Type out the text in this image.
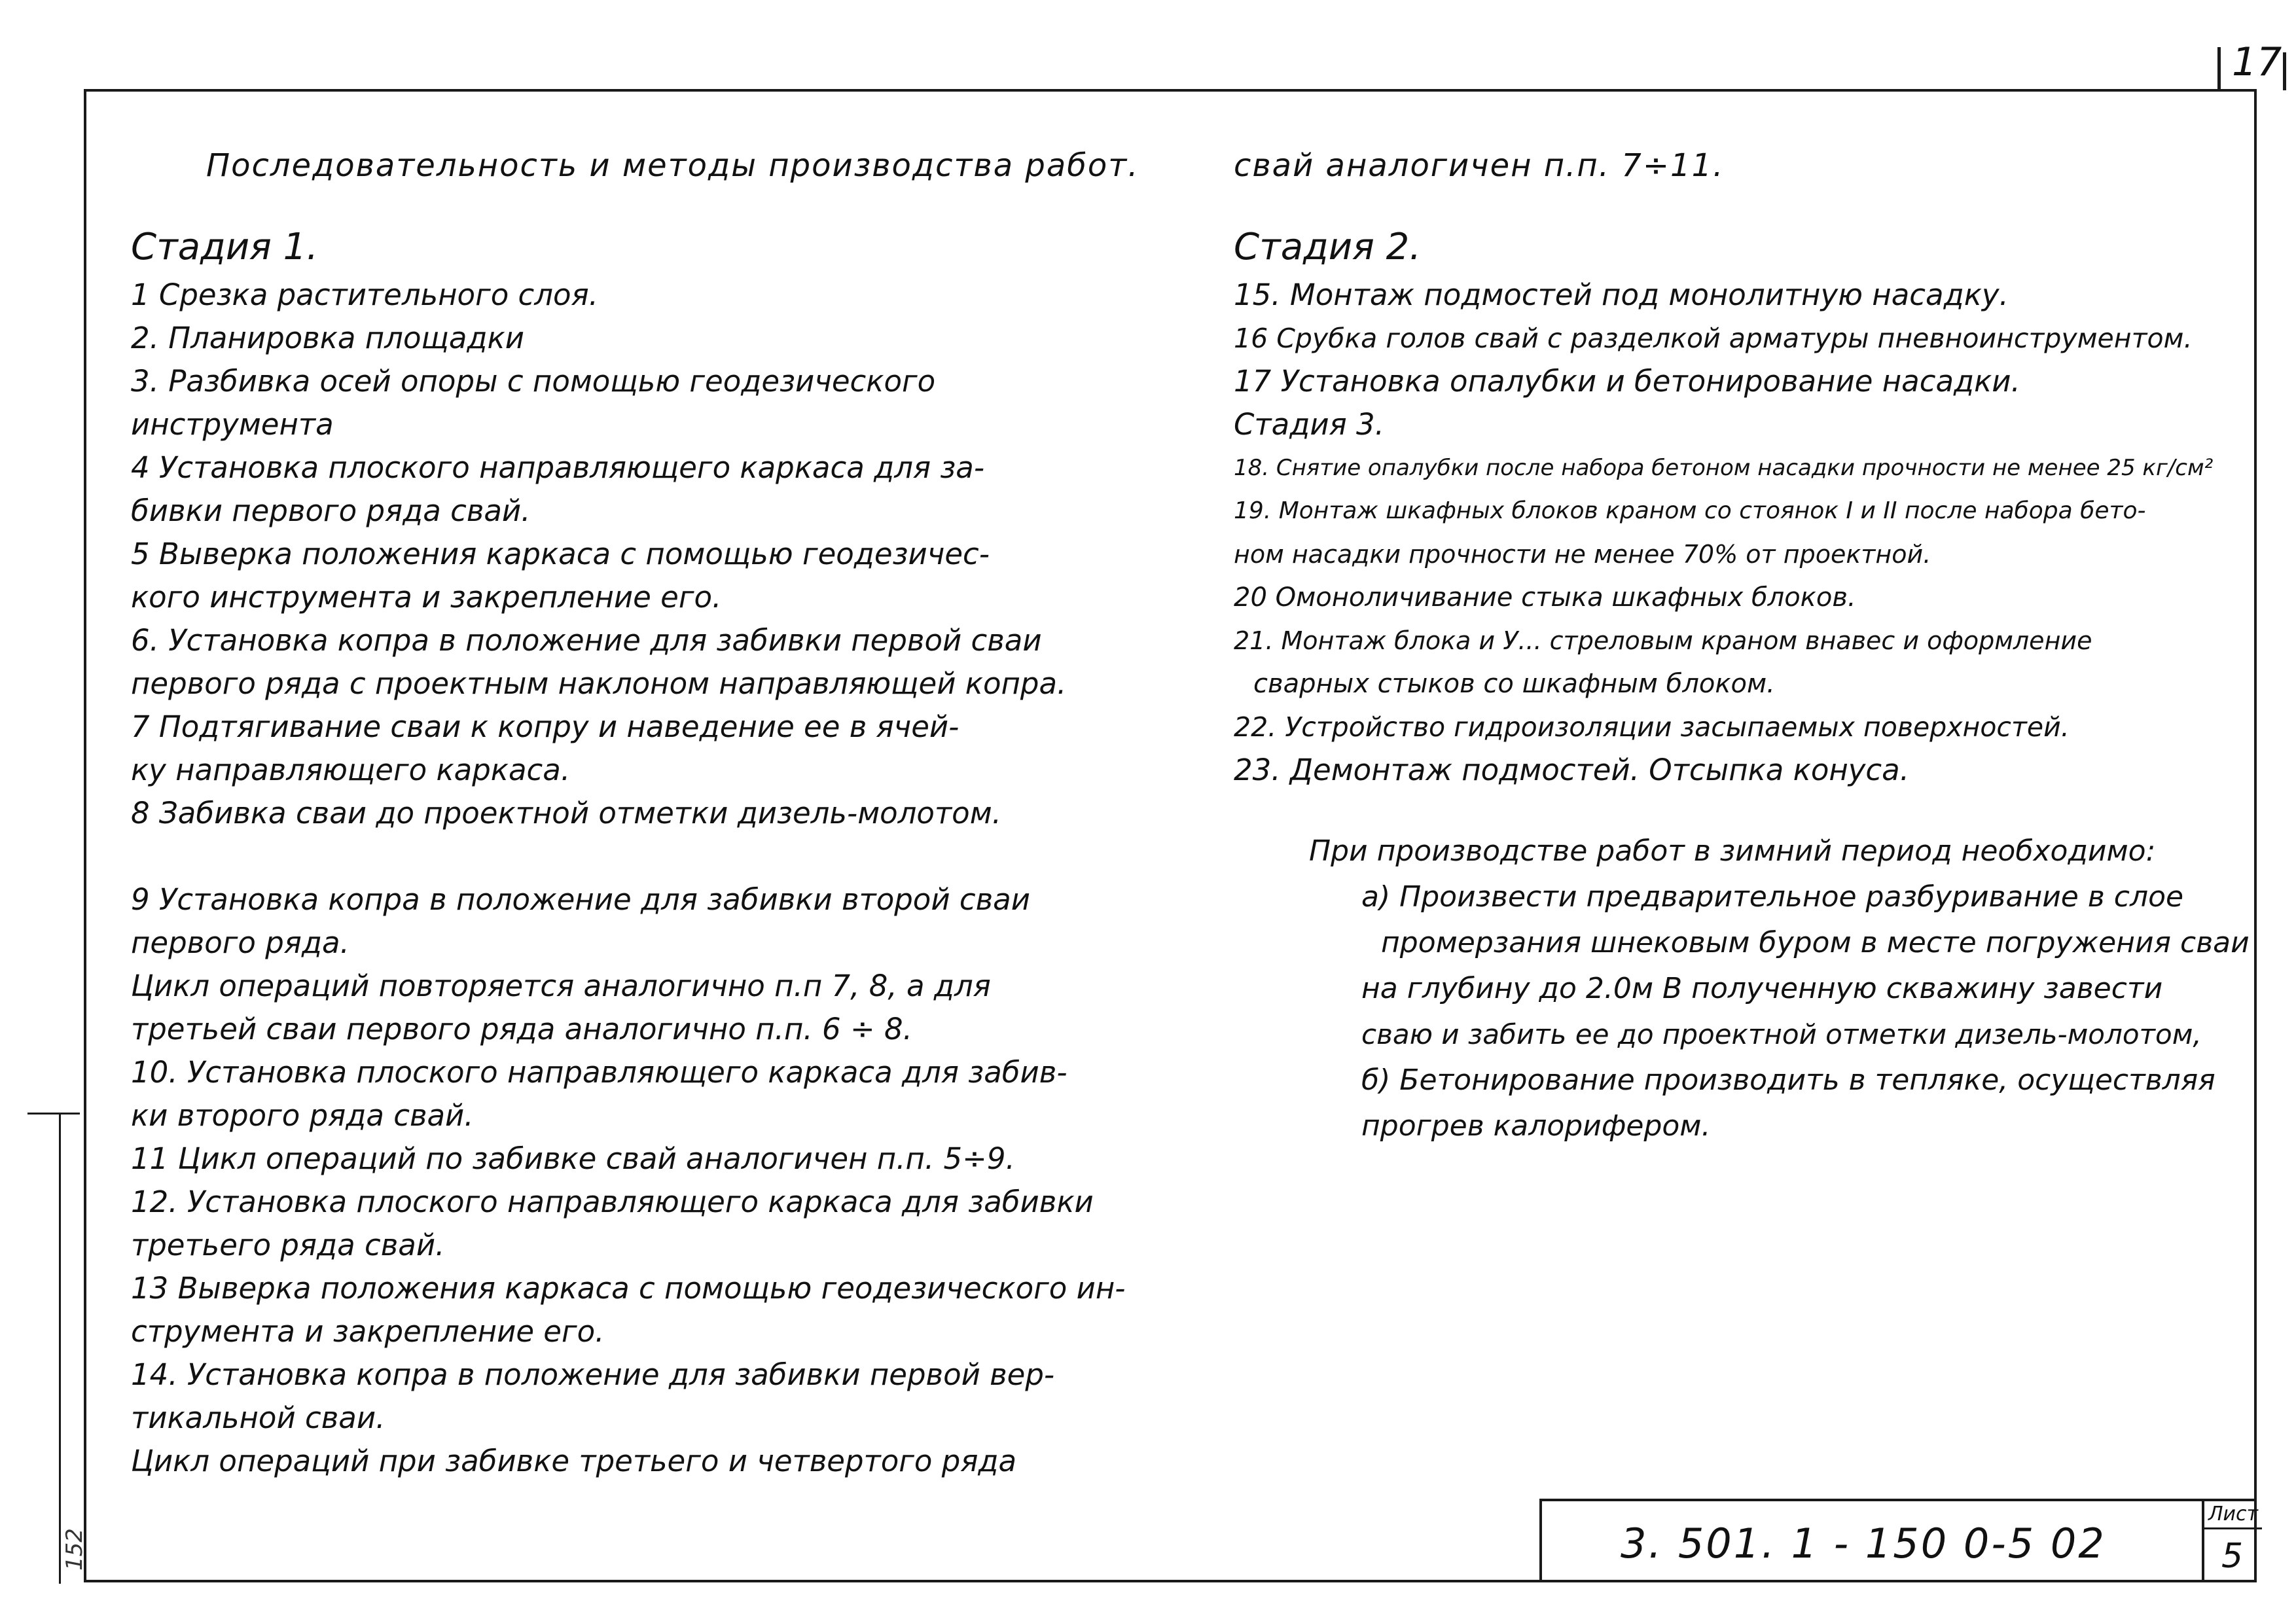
17
152
Последовательность и методы производства работ.
Стадия 1.
1 Срезка растительного слоя.
2. Планировка площадки
3. Разбивка осей опоры с помощью геодезического
инструмента
4 Установка плоского направляющего каркаса для за-
бивки первого ряда свай.
5 Выверка положения каркаса с помощью геодезичес-
кого инструмента и закрепление его.
6. Установка копра в положение для забивки первой сваи
первого ряда с проектным наклоном направляющей копра.
7 Подтягивание сваи к копру и наведение ее в ячей-
ку направляющего каркаса.
8 Забивка сваи до проектной отметки дизель-молотом.

9 Установка копра в положение для забивки второй сваи
первого ряда.
Цикл операций повторяется аналогично п.п 7, 8, а для
третьей сваи первого ряда аналогично п.п. 6 ÷ 8.
10. Установка плоского направляющего каркаса для забив-
ки второго ряда свай.
11 Цикл операций по забивке свай аналогичен п.п. 5÷9.
12. Установка плоского направляющего каркаса для забивки
третьего ряда свай.
13 Выверка положения каркаса с помощью геодезического ин-
струмента и закрепление его.
14. Установка копра в положение для забивки первой вер-
тикальной сваи.
Цикл операций при забивке третьего и четвертого ряда
свай аналогичен п.п. 7÷11.
Стадия 2.
15. Монтаж подмостей под монолитную насадку.
16 Срубка голов свай с разделкой арматуры пневноинструментом.
17 Установка опалубки и бетонирование насадки.
Стадия 3.
18. Снятие опалубки после набора бетоном насадки прочности не менее 25 кг/см²
19. Монтаж шкафных блоков краном со стоянок I и II после набора бето-
ном насадки прочности не менее 70% от проектной.
20 Омоноличивание стыка шкафных блоков.
21. Монтаж блока и У... стреловым краном внавес и оформление
сварных стыков со шкафным блоком.
22. Устройство гидроизоляции засыпаемых поверхностей.
23. Демонтаж подмостей. Отсыпка конуса.
При производстве работ в зимний период необходимо:
а) Произвести предварительное разбуривание в слое
промерзания шнековым буром в месте погружения сваи
на глубину до 2.0м В полученную скважину завести
сваю и забить ее до проектной отметки дизель-молотом,
б) Бетонирование производить в тепляке, осуществляя
прогрев калорифером.
3. 501. 1 - 150 0-5 02
Лист
5
